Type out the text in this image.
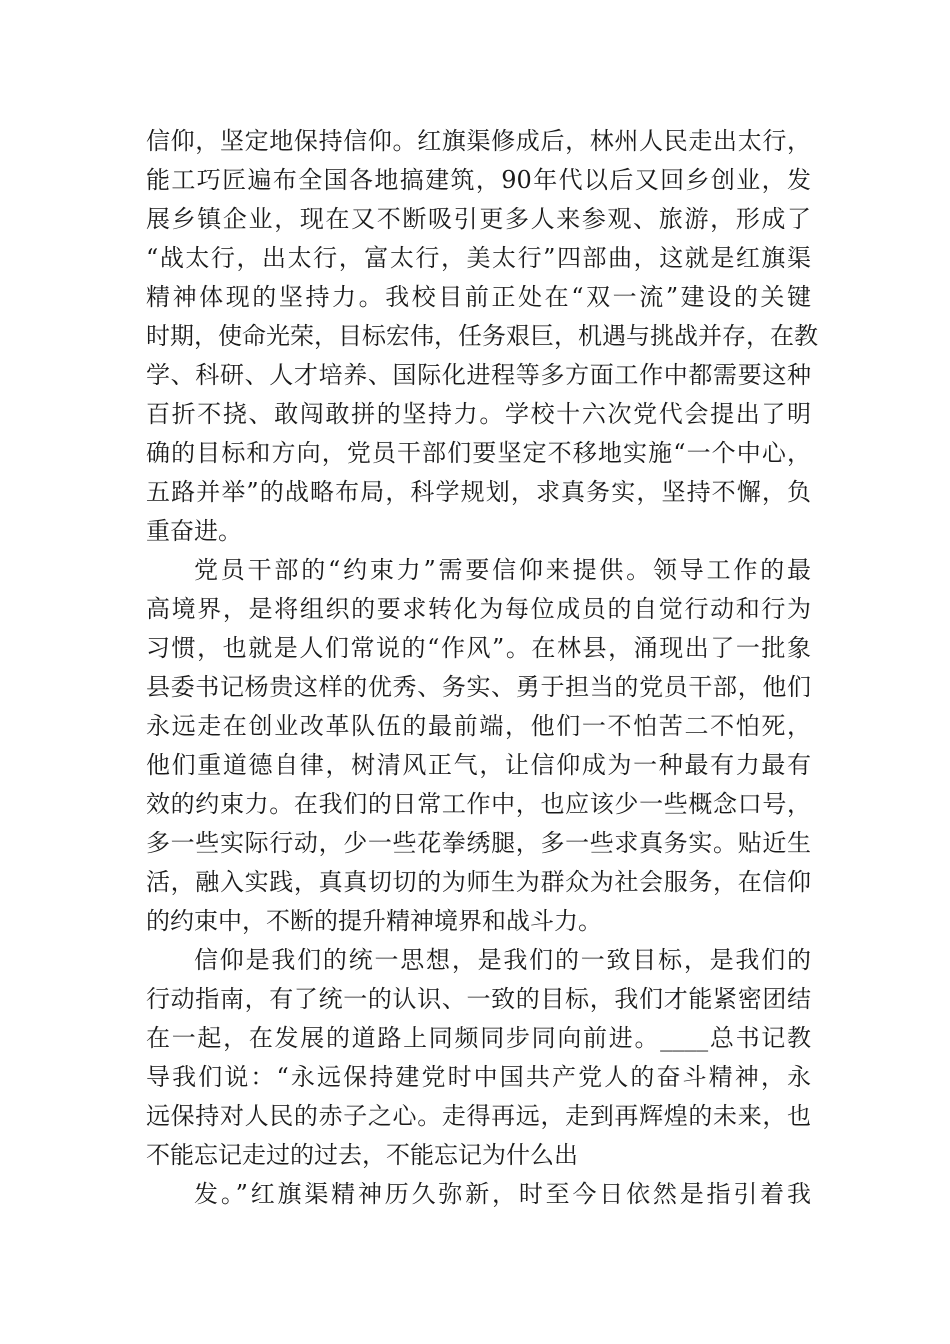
信仰，坚定地保持信仰。红旗渠修成后，林州人民走出太行，
能工巧匠遍布全国各地搞建筑，90年代以后又回乡创业，发
展乡镇企业，现在又不断吸引更多人来参观、旅游，形成了
“战太行，出太行，富太行，美太行”四部曲，这就是红旗渠
精神体现的坚持力。我校目前正处在“双一流”建设的关键
时期，使命光荣，目标宏伟，任务艰巨，机遇与挑战并存，在教
学、科研、人才培养、国际化进程等多方面工作中都需要这种
百折不挠、敢闯敢拼的坚持力。学校十六次党代会提出了明
确的目标和方向，党员干部们要坚定不移地实施“一个中心，
五路并举”的战略布局，科学规划，求真务实，坚持不懈，负
重奋进。
党员干部的“约束力”需要信仰来提供。领导工作的最
高境界，是将组织的要求转化为每位成员的自觉行动和行为
习惯，也就是人们常说的“作风”。在林县，涌现出了一批象
县委书记杨贵这样的优秀、务实、勇于担当的党员干部，他们
永远走在创业改革队伍的最前端，他们一不怕苦二不怕死，
他们重道德自律，树清风正气，让信仰成为一种最有力最有
效的约束力。在我们的日常工作中，也应该少一些概念口号，
多一些实际行动，少一些花拳绣腿，多一些求真务实。贴近生
活，融入实践，真真切切的为师生为群众为社会服务，在信仰
的约束中，不断的提升精神境界和战斗力。
信仰是我们的统一思想，是我们的一致目标，是我们的
行动指南，有了统一的认识、一致的目标，我们才能紧密团结
在一起，在发展的道路上同频同步同向前进。____总书记教
导我们说：“永远保持建党时中国共产党人的奋斗精神，永
远保持对人民的赤子之心。走得再远，走到再辉煌的未来，也
不能忘记走过的过去，不能忘记为什么出
发。”红旗渠精神历久弥新，时至今日依然是指引着我
